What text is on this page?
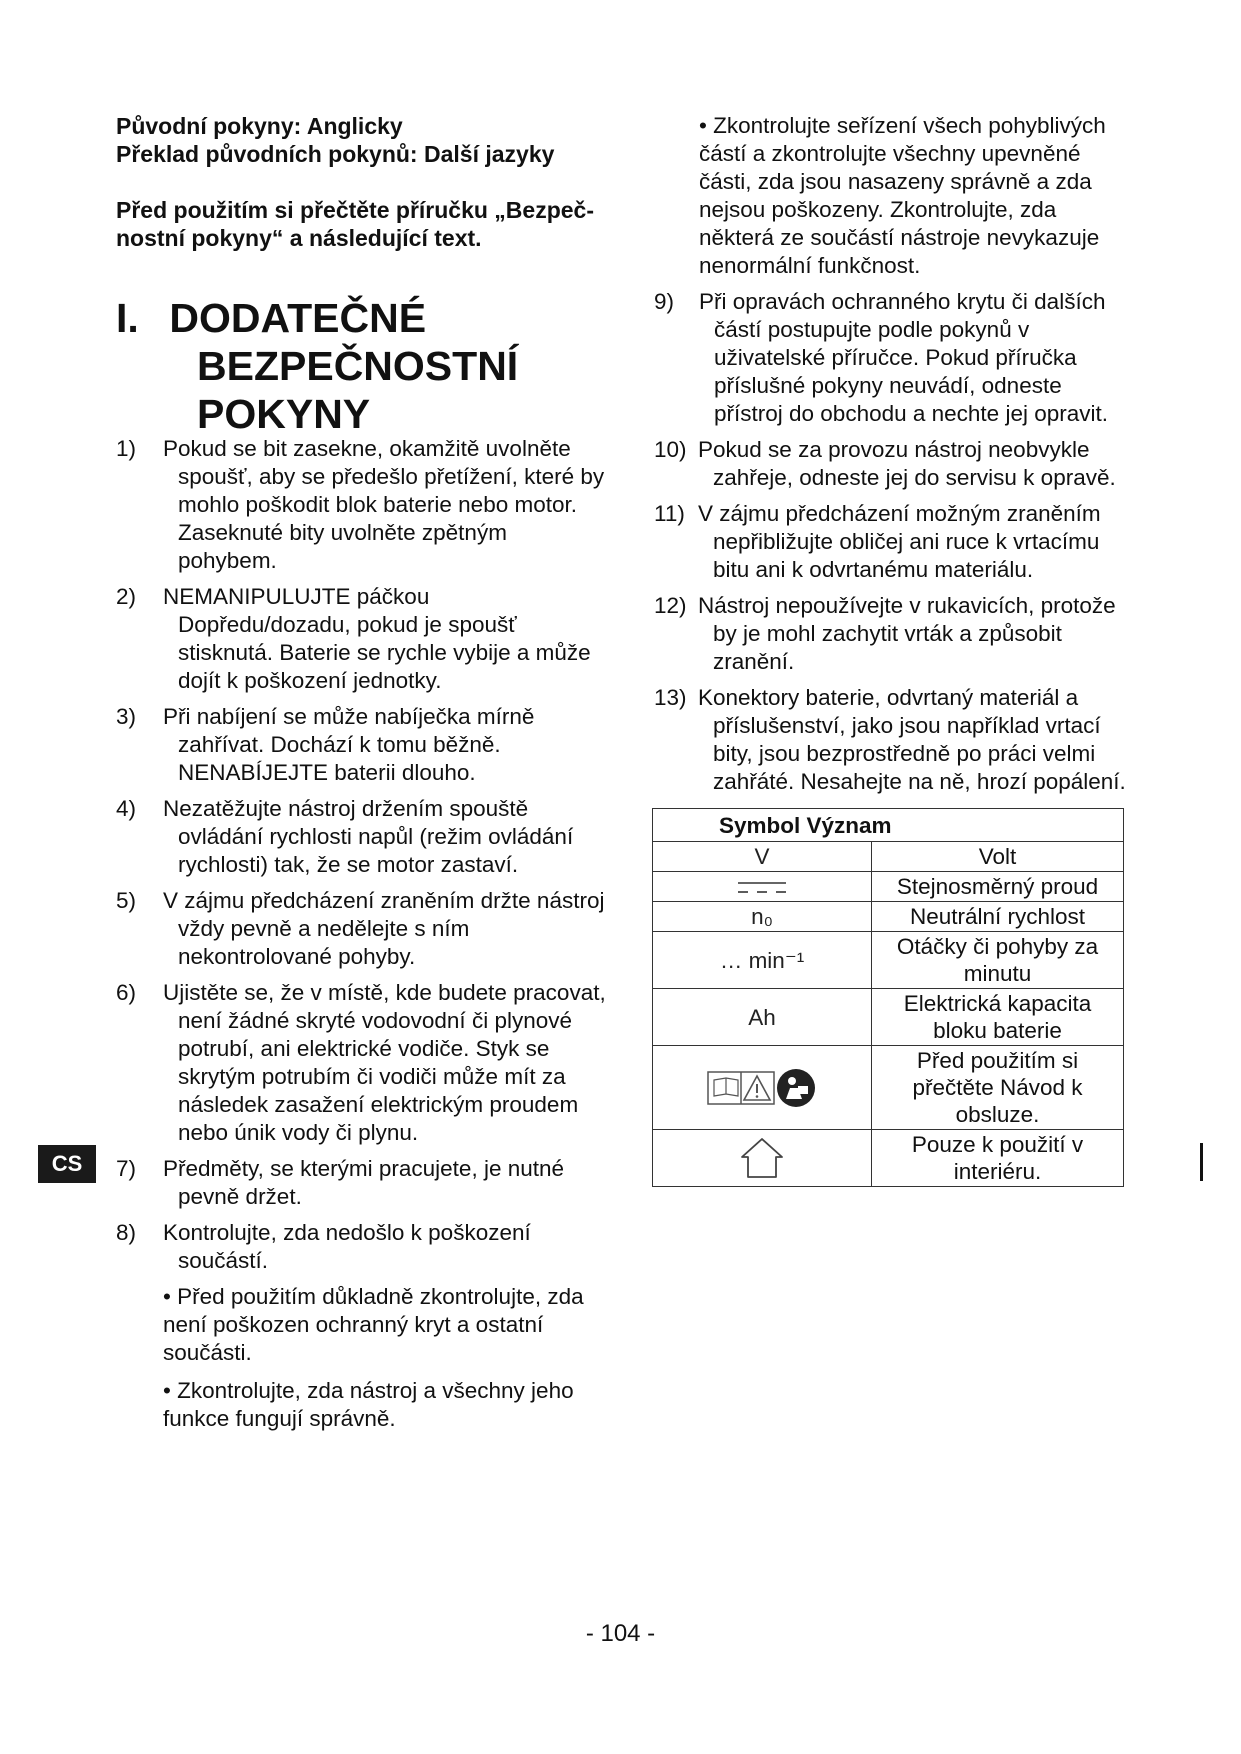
Původní pokyny: Anglicky
Překlad původních pokynů: Další jazyky
Před použitím si přečtěte příručku „Bezpeč-
nostní pokyny“ a následující text.
I. DODATEČNÉ
BEZPEČNOSTNÍ
POKYNY
1) Pokud se bit zasekne, okamžitě uvolněte spoušť, aby se předešlo přetížení, které by mohlo poškodit blok baterie nebo motor.
Zaseknuté bity uvolněte zpětným pohybem.
2) NEMANIPULUJTE páčkou Dopředu/dozadu, pokud je spoušť stisknutá. Baterie se rychle vybije a může dojít k poškození jednotky.
3) Při nabíjení se může nabíječka mírně zahřívat. Dochází k tomu běžně. NENABÍJEJTE baterii dlouho.
4) Nezatěžujte nástroj držením spouště ovládání rychlosti napůl (režim ovládání rychlosti) tak, že se motor zastaví.
5) V zájmu předcházení zraněním držte nástroj vždy pevně a nedělejte s ním nekontrolované pohyby.
6) Ujistěte se, že v místě, kde budete pracovat, není žádné skryté vodovodní či plynové potrubí, ani elektrické vodiče. Styk se skrytým potrubím či vodiči může mít za následek zasažení elektrickým proudem nebo únik vody či plynu.
7) Předměty, se kterými pracujete, je nutné pevně držet.
8) Kontrolujte, zda nedošlo k poškození součástí.
• Před použitím důkladně zkontrolujte, zda není poškozen ochranný kryt a ostatní součásti.
• Zkontrolujte, zda nástroj a všechny jeho funkce fungují správně.
• Zkontrolujte seřízení všech pohyblivých částí a zkontrolujte všechny upevněné části, zda jsou nasazeny správně a zda nejsou poškozeny. Zkontrolujte, zda některá ze součástí nástroje nevykazuje nenormální funkčnost.
9) Při opravách ochranného krytu či dalších částí postupujte podle pokynů v uživatelské příručce. Pokud příručka příslušné pokyny neuvádí, odneste přístroj do obchodu a nechte jej opravit.
10) Pokud se za provozu nástroj neobvykle zahřeje, odneste jej do servisu k opravě.
11) V zájmu předcházení možným zraněním nepřibližujte obličej ani ruce k vrtacímu bitu ani k odvrtanému materiálu.
12) Nástroj nepoužívejte v rukavicích, protože by je mohl zachytit vrták a způsobit zranění.
13) Konektory baterie, odvrtaný materiál a příslušenství, jako jsou například vrtací bity, jsou bezprostředně po práci velmi zahřáté. Nesahejte na ně, hrozí popálení.
Symbol Význam	
V	Volt
	Stejnosměrný proud
n₀	Neutrální rychlost
… min⁻¹	Otáčky či pohyby za minutu
Ah	Elektrická kapacita bloku baterie
	Před použitím si přečtěte Návod k obsluze.
	Pouze k použití v interiéru.
CS
- 104 -
